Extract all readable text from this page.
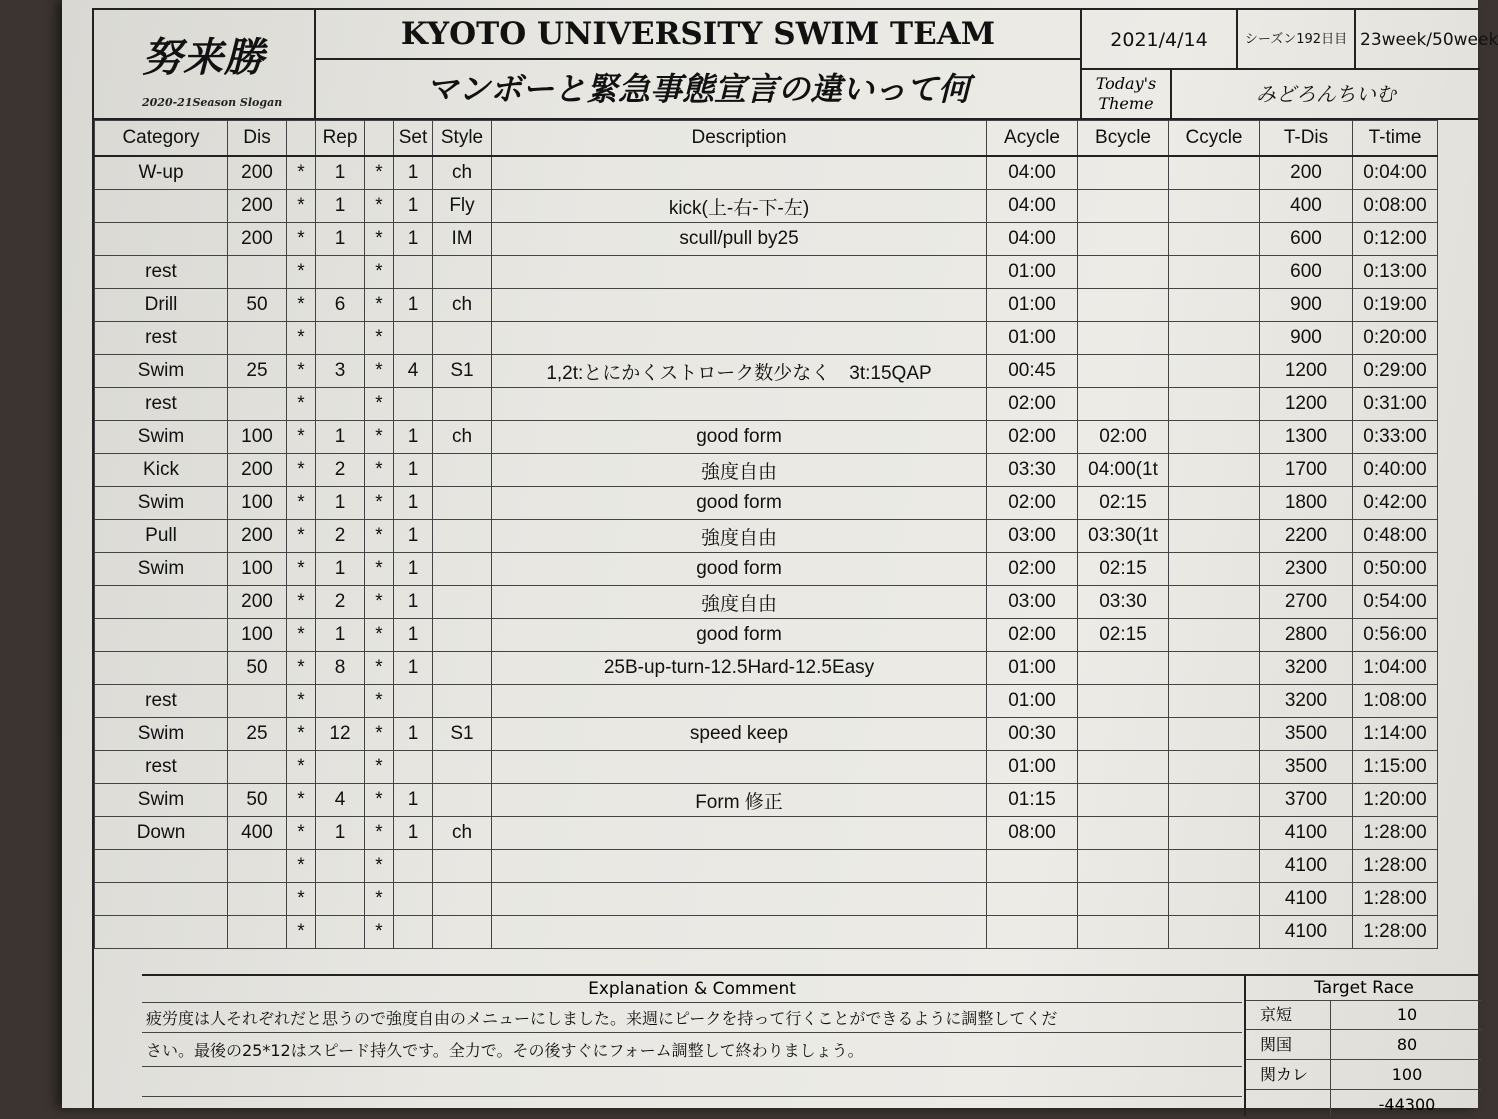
努来勝
2020-21Season Slogan
KYOTO UNIVERSITY SWIM TEAM	2021/4/14	シーズン192日目 23week/50week
マンボーと緊急事態宣言の違いって何	Today's
Theme	みどろんちいむ
Category	Dis		Rep		Set	Style	Description	Acycle	Bcycle	Ccycle	T-Dis	T-time
W-up	200	*	1	*	1	ch		04:00			200	0:04:00
	200	*	1	*	1	Fly	kick(上-右-下-左)	04:00			400	0:08:00
	200	*	1	*	1	IM	scull/pull by25	04:00			600	0:12:00
rest		*		*				01:00			600	0:13:00
Drill	50	*	6	*	1	ch		01:00			900	0:19:00
rest		*		*				01:00			900	0:20:00
Swim	25	*	3	*	4	S1	1,2t:とにかくストローク数少なく　3t:15QAP	00:45			1200	0:29:00
rest		*		*				02:00			1200	0:31:00
Swim	100	*	1	*	1	ch	good form	02:00	02:00		1300	0:33:00
Kick	200	*	2	*	1		強度自由	03:30	04:00(1t		1700	0:40:00
Swim	100	*	1	*	1		good form	02:00	02:15		1800	0:42:00
Pull	200	*	2	*	1		強度自由	03:00	03:30(1t		2200	0:48:00
Swim	100	*	1	*	1		good form	02:00	02:15		2300	0:50:00
	200	*	2	*	1		強度自由	03:00	03:30		2700	0:54:00
	100	*	1	*	1		good form	02:00	02:15		2800	0:56:00
	50	*	8	*	1		25B-up-turn-12.5Hard-12.5Easy	01:00			3200	1:04:00
rest		*		*				01:00			3200	1:08:00
Swim	25	*	12	*	1	S1	speed keep	00:30			3500	1:14:00
rest		*		*				01:00			3500	1:15:00
Swim	50	*	4	*	1		Form 修正	01:15			3700	1:20:00
Down	400	*	1	*	1	ch		08:00			4100	1:28:00
		*		*							4100	1:28:00
		*		*							4100	1:28:00
		*		*							4100	1:28:00
Explanation & Comment
疲労度は人それぞれだと思うので強度自由のメニューにしました。来週にピークを持って行くことができるように調整してくだ
さい。最後の25*12はスピード持久です。全力で。その後すぐにフォーム調整して終わりましょう。
Target Race
京短	10
関国	80
関カレ	100
-44300
